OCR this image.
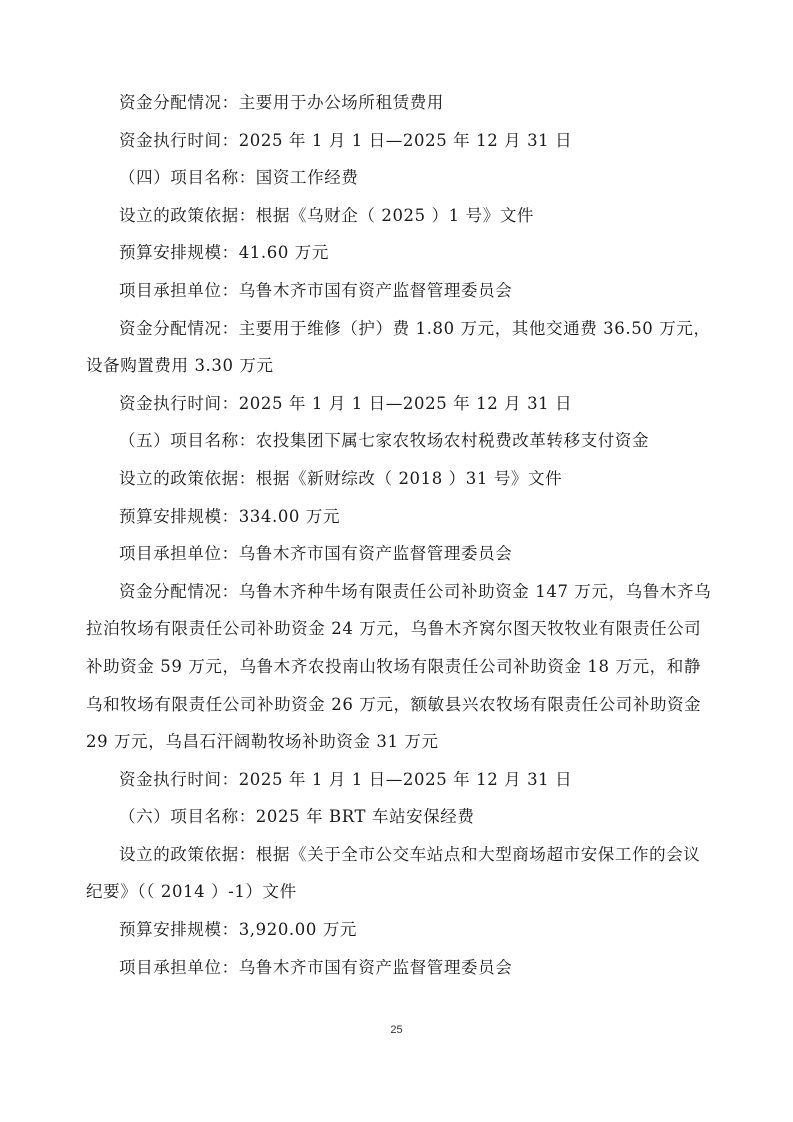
资金分配情况：主要用于办公场所租赁费用

资金执行时间：2025 年 1 月 1 日—2025 年 12 月 31 日

（四）项目名称：国资工作经费

设立的政策依据：根据《乌财企（ 2025 ）1 号》文件

预算安排规模：41.60 万元

项目承担单位：乌鲁木齐市国有资产监督管理委员会

资金分配情况：主要用于维修（护）费 1.80 万元，其他交通费 36.50 万元，设备购置费用 3.30 万元

资金执行时间：2025 年 1 月 1 日—2025 年 12 月 31 日

（五）项目名称：农投集团下属七家农牧场农村税费改革转移支付资金

设立的政策依据：根据《新财综改（ 2018 ）31 号》文件

预算安排规模：334.00 万元

项目承担单位：乌鲁木齐市国有资产监督管理委员会

资金分配情况：乌鲁木齐种牛场有限责任公司补助资金 147 万元，乌鲁木齐乌拉泊牧场有限责任公司补助资金 24 万元，乌鲁木齐窝尔图天牧牧业有限责任公司补助资金 59 万元，乌鲁木齐农投南山牧场有限责任公司补助资金 18 万元，和静乌和牧场有限责任公司补助资金 26 万元，额敏县兴农牧场有限责任公司补助资金 29 万元，乌昌石汗阔勒牧场补助资金 31 万元

资金执行时间：2025 年 1 月 1 日—2025 年 12 月 31 日

（六）项目名称：2025 年 BRT 车站安保经费

设立的政策依据：根据《关于全市公交车站点和大型商场超市安保工作的会议纪要》（（ 2014 ）-1）文件

预算安排规模：3,920.00 万元

项目承担单位：乌鲁木齐市国有资产监督管理委员会

25
